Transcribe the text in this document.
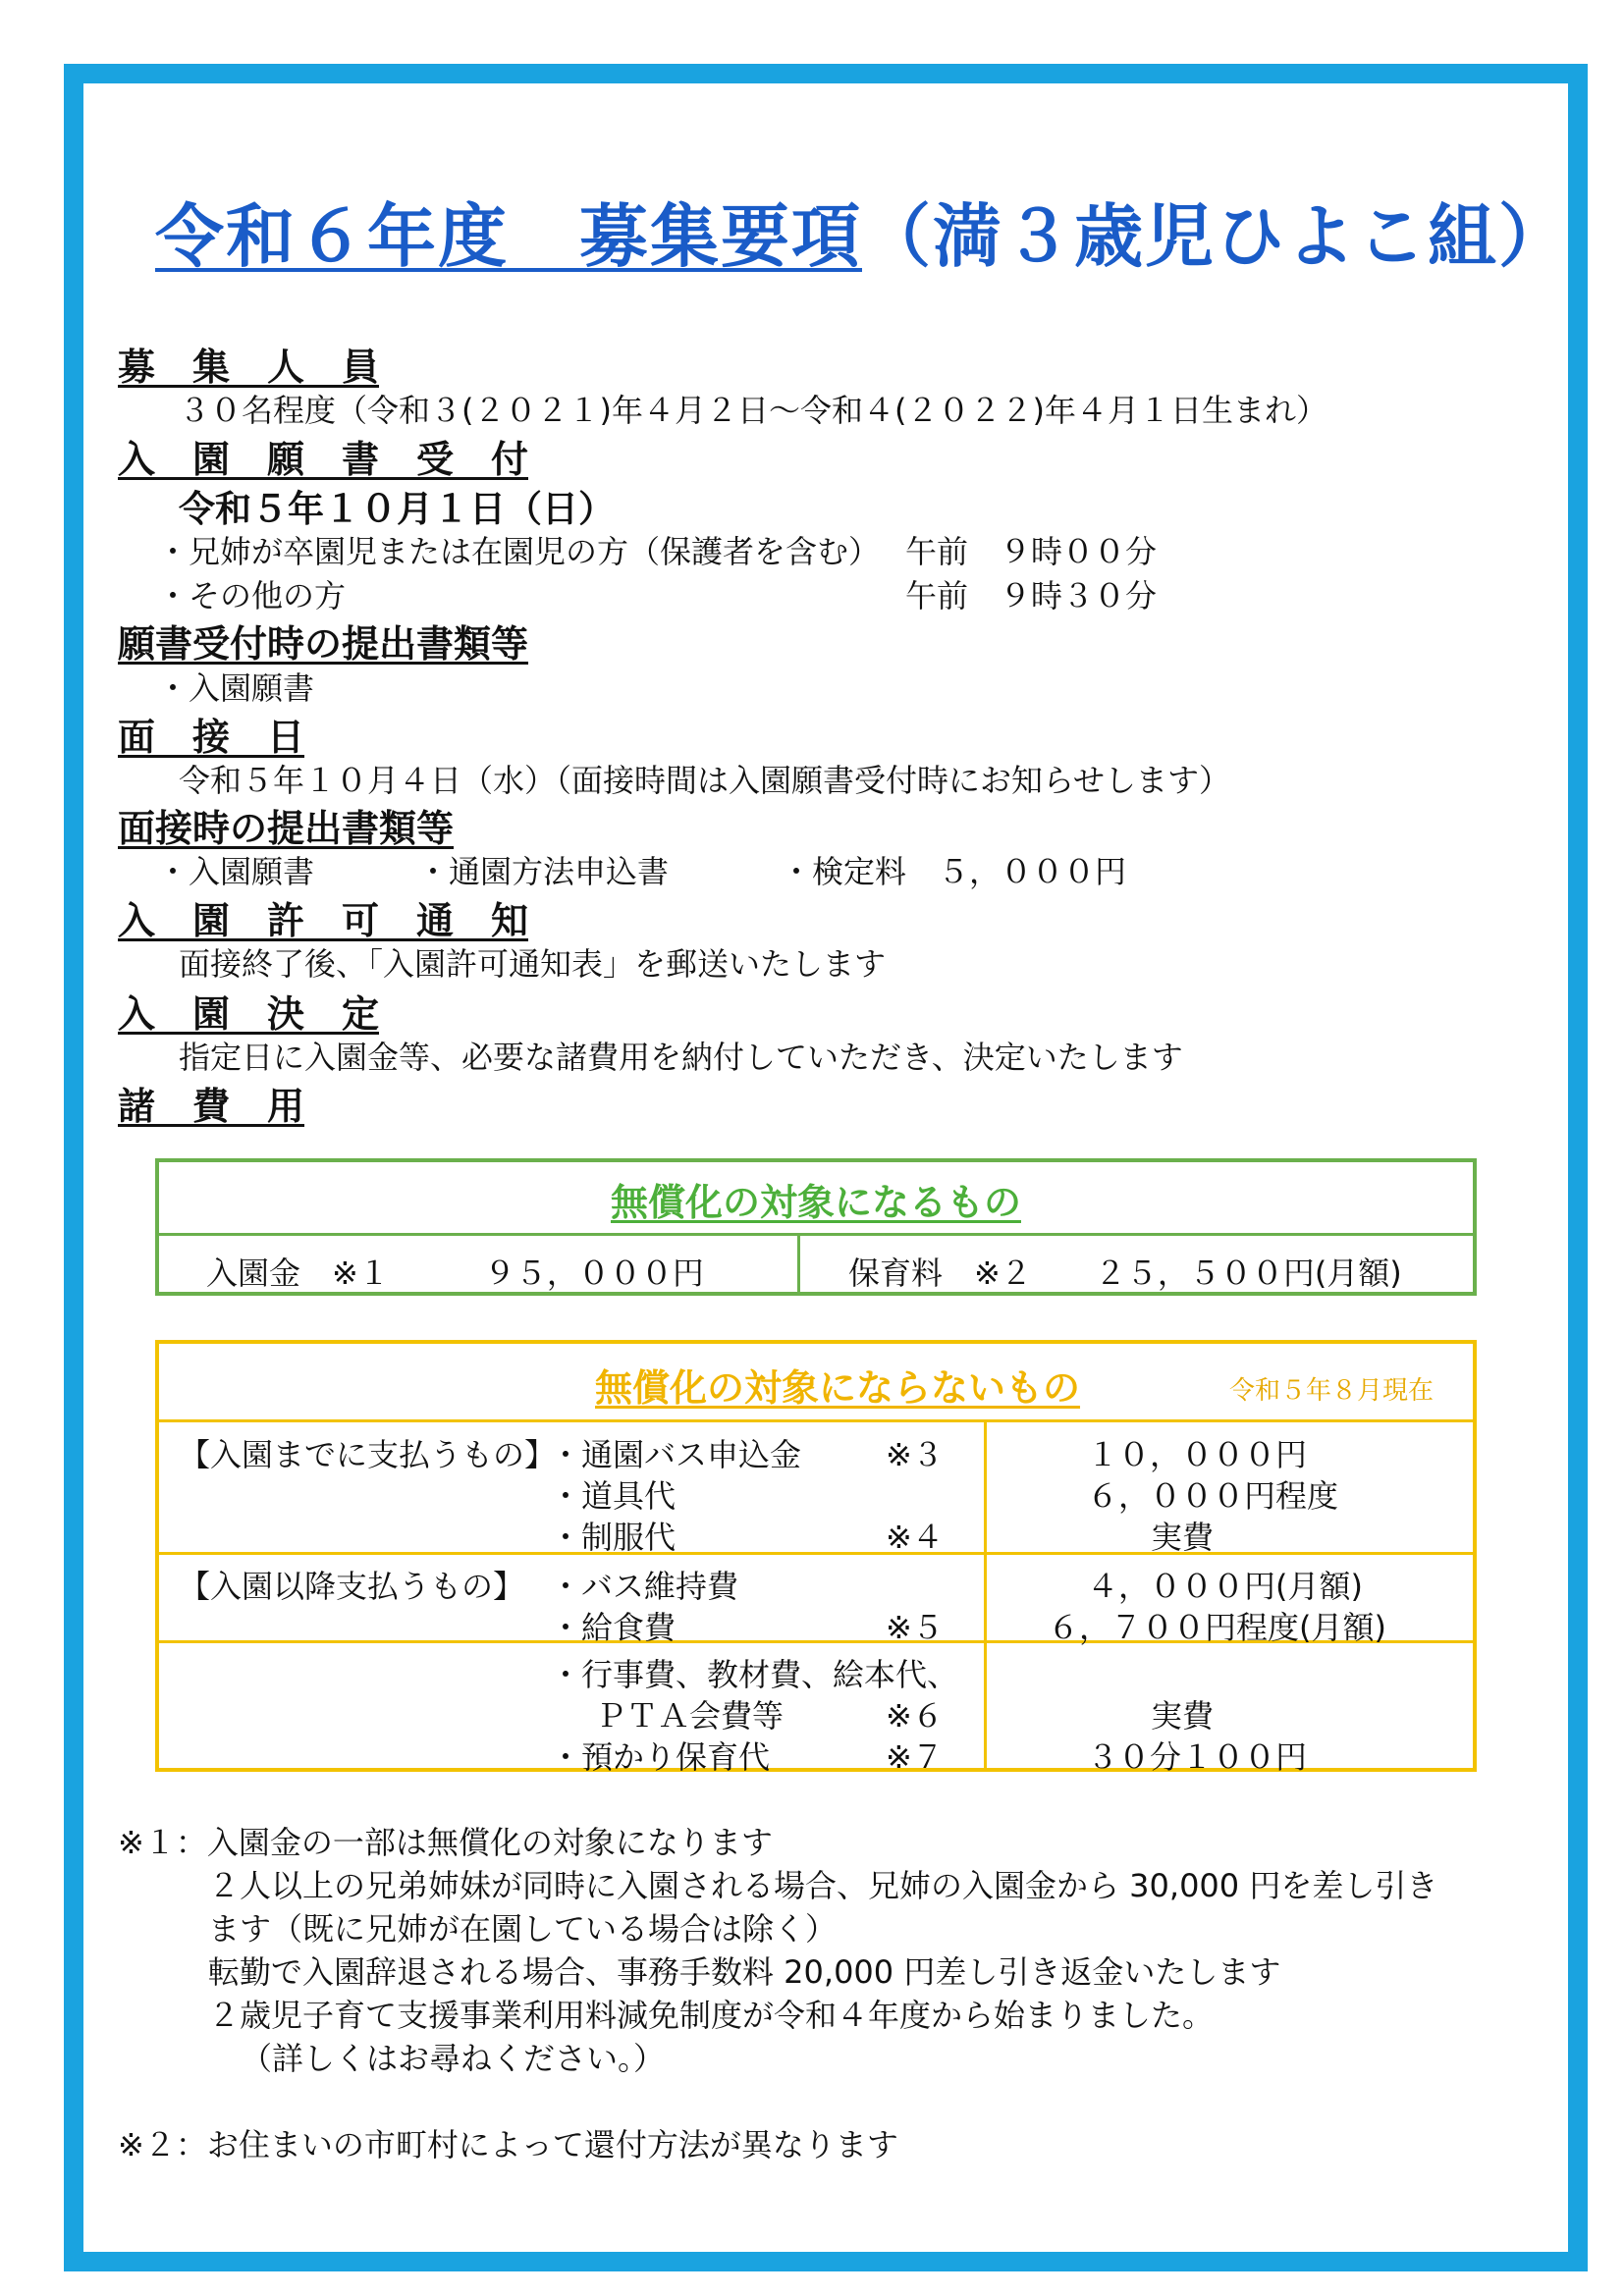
令和６年度　募集要項（満３歳児ひよこ組）
募　集　人　員
３０名程度（令和３(２０２１)年４月２日～令和４(２０２２)年４月１日生まれ）
入　園　願　書　受　付
令和５年１０月１日（日）
・兄姉が卒園児または在園児の方（保護者を含む） 午前　９時００分
・その他の方	午前　９時３０分
願書受付時の提出書類等
・入園願書
面　接　日
令和５年１０月４日（水）（面接時間は入園願書受付時にお知らせします）
面接時の提出書類等
・入園願書	・通園方法申込書	・検定料　５，０００円
入　園　許　可　通　知
面接終了後、「入園許可通知表」を郵送いたします
入　園　決　定
指定日に入園金等、必要な諸費用を納付していただき、決定いたします
諸　費　用
無償化の対象になるもの
入園金　※１　　　９５，０００円	保育料　※２　　２５，５００円(月額)
無償化の対象にならないもの	令和５年８月現在
【入園までに支払うもの】
・通園バス申込金	※３	１０，０００円
・道具代	６，０００円程度
・制服代	※４	実費
【入園以降支払うもの】 ・バス維持費	４，０００円(月額)
・給食費	※５	６，７００円程度(月額)
・行事費、教材費、絵本代、
ＰＴＡ会費等	※６	実費
・預かり保育代	※７	３０分１００円
※１：入園金の一部は無償化の対象になります
２人以上の兄弟姉妹が同時に入園される場合、兄姉の入園金から 30,000 円を差し引き
ます（既に兄姉が在園している場合は除く）
転勤で入園辞退される場合、事務手数料 20,000 円差し引き返金いたします
２歳児子育て支援事業利用料減免制度が令和４年度から始まりました。
（詳しくはお尋ねください。）
※２：お住まいの市町村によって還付方法が異なります
